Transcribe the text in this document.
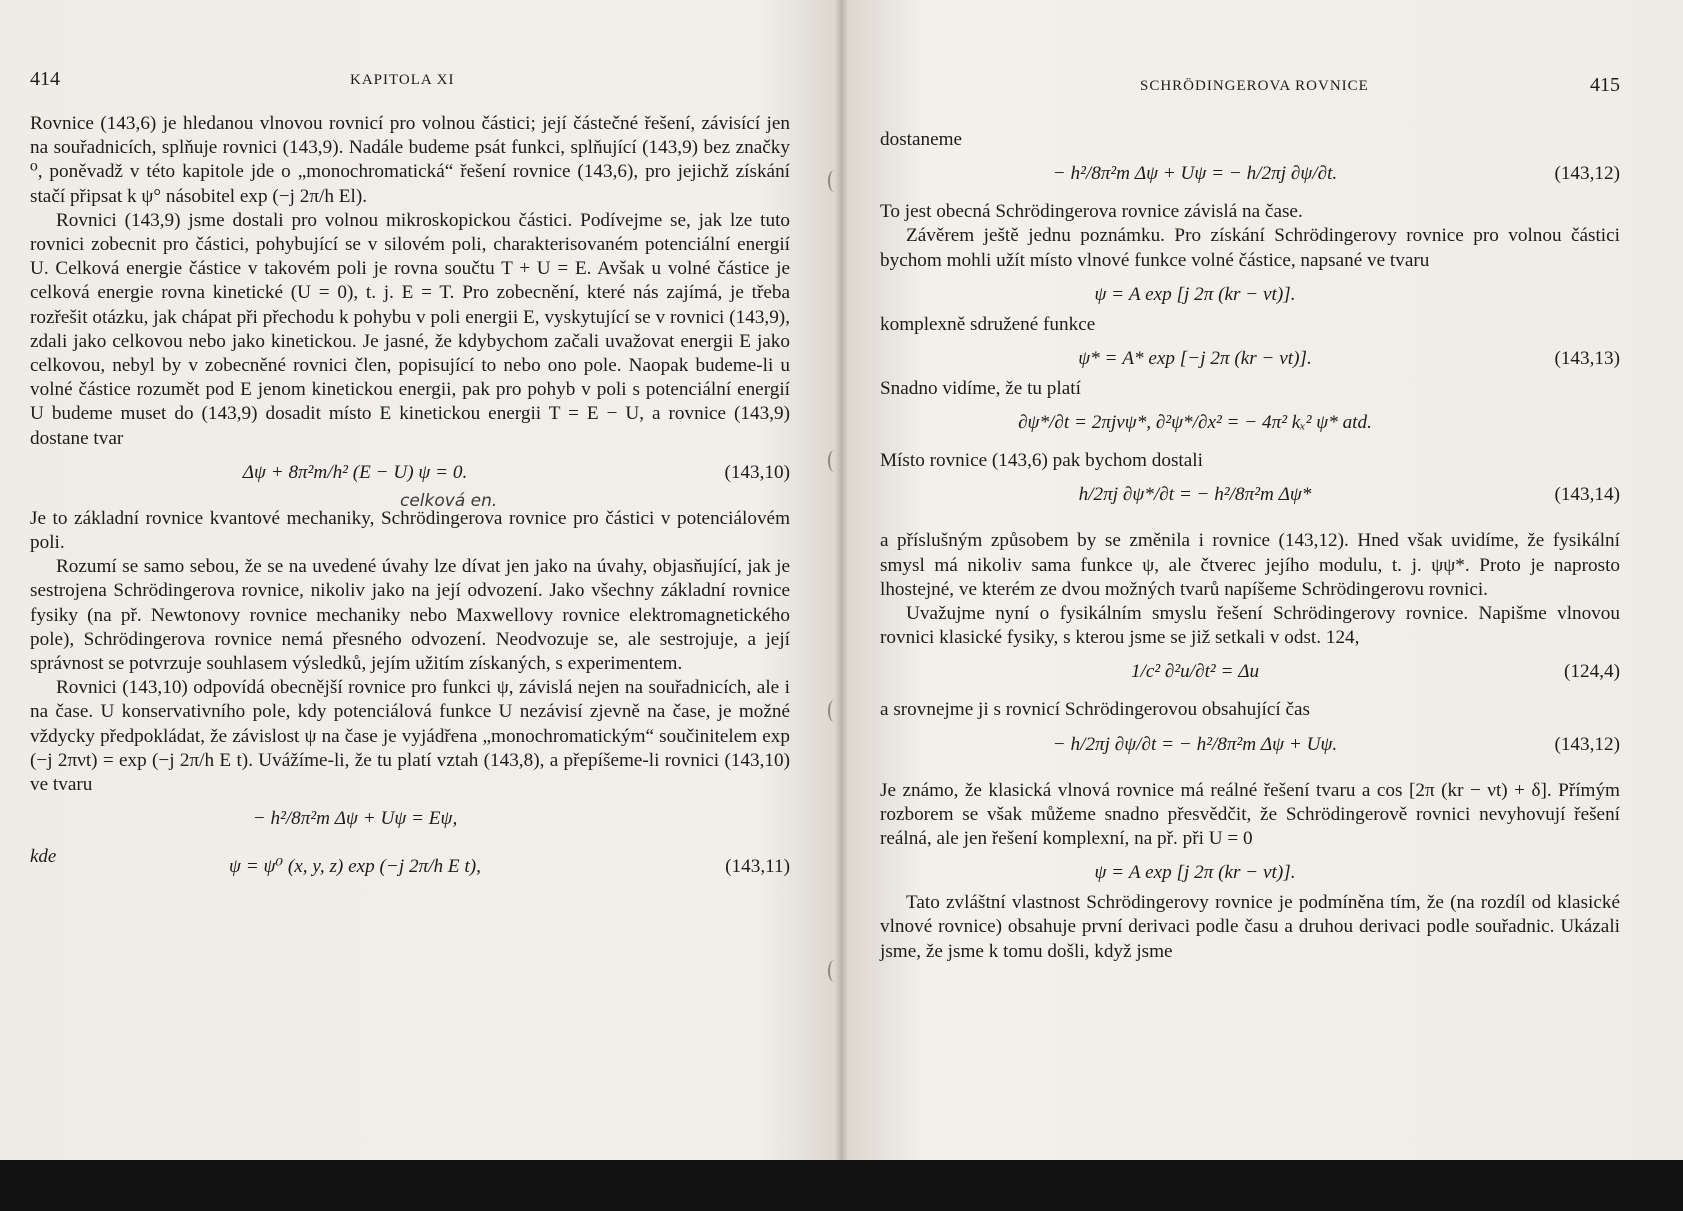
414	KAPITOLA XI

Rovnice (143,6) je hledanou vlnovou rovnicí pro volnou částici; její částečné řešení, závisící jen na souřadnicích, splňuje rovnici (143,9). Nadále budeme psát funkci, splňující (143,9) bez značky ⁰, poněvadž v této kapitole jde o „monochromatická“ řešení rovnice (143,6), pro jejichž získání stačí připsat k ψ° násobitel exp (−j 2π/h El).

Rovnici (143,9) jsme dostali pro volnou mikroskopickou částici. Podívejme se, jak lze tuto rovnici zobecnit pro částici, pohybující se v silovém poli, charakterisovaném potenciální energií U. Celková energie částice v takovém poli je rovna součtu T + U = E. Avšak u volné částice je celková energie rovna kinetické (U = 0), t. j. E = T. Pro zobecnění, které nás zajímá, je třeba rozřešit otázku, jak chápat při přechodu k pohybu v poli energii E, vyskytující se v rovnici (143,9), zdali jako celkovou nebo jako kinetickou. Je jasné, že kdybychom začali uvažovat energii E jako celkovou, nebyl by v zobecněné rovnici člen, popisující to nebo ono pole. Naopak budeme-li u volné částice rozumět pod E jenom kinetickou energii, pak pro pohyb v poli s potenciální energií U budeme muset do (143,9) dosadit místo E kinetickou energii T = E − U, a rovnice (143,9) dostane tvar

Δψ + 8π²m/h² (E − U) ψ = 0.	(143,10)
celková en.

Je to základní rovnice kvantové mechaniky, Schrödingerova rovnice pro částici v potenciálovém poli.

Rozumí se samo sebou, že se na uvedené úvahy lze dívat jen jako na úvahy, objasňující, jak je sestrojena Schrödingerova rovnice, nikoliv jako na její odvození. Jako všechny základní rovnice fysiky (na př. Newtonovy rovnice mechaniky nebo Maxwellovy rovnice elektromagnetického pole), Schrödingerova rovnice nemá přesného odvození. Neodvozuje se, ale sestrojuje, a její správnost se potvrzuje souhlasem výsledků, jejím užitím získaných, s experimentem.

Rovnici (143,10) odpovídá obecnější rovnice pro funkci ψ, závislá nejen na souřadnicích, ale i na čase. U konservativního pole, kdy potenciálová funkce U nezávisí zjevně na čase, je možné vždycky předpokládat, že závislost ψ na čase je vyjádřena „monochromatickým“ součinitelem exp (−j 2πνt) = exp (−j 2π/h E t). Uvážíme-li, že tu platí vztah (143,8), a přepíšeme-li rovnici (143,10) ve tvaru

− h²/8π²m Δψ + Uψ = Eψ,
kde	ψ = ψ⁰ (x, y, z) exp (−j 2π/h E t),	(143,11)
SCHRÖDINGEROVA ROVNICE	415

dostaneme

− h²/8π²m Δψ + Uψ = − h/2πj ∂ψ/∂t.	(143,12)

To jest obecná Schrödingerova rovnice závislá na čase.

Závěrem ještě jednu poznámku. Pro získání Schrödingerovy rovnice pro volnou částici bychom mohli užít místo vlnové funkce volné částice, napsané ve tvaru

ψ = A exp [j 2π (kr − νt)].

komplexně sdružené funkce

ψ* = A* exp [−j 2π (kr − νt)].	(143,13)

Snadno vidíme, že tu platí

∂ψ*/∂t = 2πjνψ*, ∂²ψ*/∂x² = − 4π² kₓ² ψ* atd.

Místo rovnice (143,6) pak bychom dostali

h/2πj ∂ψ*/∂t = − h²/8π²m Δψ*	(143,14)

a příslušným způsobem by se změnila i rovnice (143,12). Hned však uvidíme, že fysikální smysl má nikoliv sama funkce ψ, ale čtverec jejího modulu, t. j. ψψ*. Proto je naprosto lhostejné, ve kterém ze dvou možných tvarů napíšeme Schrödingerovu rovnici.

Uvažujme nyní o fysikálním smyslu řešení Schrödingerovy rovnice. Napišme vlnovou rovnici klasické fysiky, s kterou jsme se již setkali v odst. 124,

1/c² ∂²u/∂t² = Δu	(124,4)

a srovnejme ji s rovnicí Schrödingerovou obsahující čas

− h/2πj ∂ψ/∂t = − h²/8π²m Δψ + Uψ.	(143,12)

Je známo, že klasická vlnová rovnice má reálné řešení tvaru a cos [2π (kr − νt) + δ]. Přímým rozborem se však můžeme snadno přesvědčit, že Schrödingerově rovnici nevyhovují řešení reálná, ale jen řešení komplexní, na př. při U = 0

ψ = A exp [j 2π (kr − νt)].

Tato zvláštní vlastnost Schrödingerovy rovnice je podmíněna tím, že (na rozdíl od klasické vlnové rovnice) obsahuje první derivaci podle času a druhou derivaci podle souřadnic. Ukázali jsme, že jsme k tomu došli, když jsme
